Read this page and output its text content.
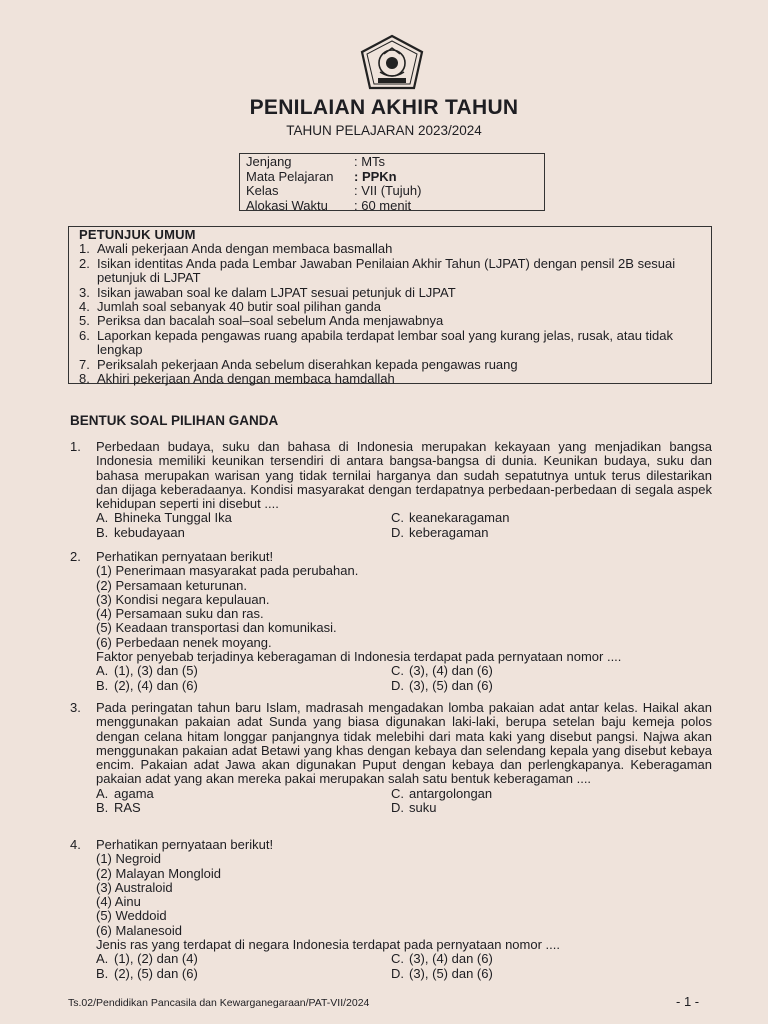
PENILAIAN AKHIR TAHUN
TAHUN PELAJARAN 2023/2024
Jenjang	: MTs
Mata Pelajaran	: PPKn
Kelas	: VII (Tujuh)
Alokasi Waktu	: 60 menit
PETUNJUK UMUM
1. Awali pekerjaan Anda dengan membaca basmallah
2. Isikan identitas Anda pada Lembar Jawaban Penilaian Akhir Tahun (LJPAT) dengan pensil 2B sesuai petunjuk di LJPAT
3. Isikan jawaban soal ke dalam LJPAT sesuai petunjuk di LJPAT
4. Jumlah soal sebanyak 40 butir soal pilihan ganda
5. Periksa dan bacalah soal–soal sebelum Anda menjawabnya
6. Laporkan kepada pengawas ruang apabila terdapat lembar soal yang kurang jelas, rusak, atau tidak lengkap
7. Periksalah pekerjaan Anda sebelum diserahkan kepada pengawas ruang
8. Akhiri pekerjaan Anda dengan membaca hamdallah
BENTUK SOAL PILIHAN GANDA
1. Perbedaan budaya, suku dan bahasa di Indonesia merupakan kekayaan yang menjadikan bangsa Indonesia memiliki keunikan tersendiri di antara bangsa-bangsa di dunia. Keunikan budaya, suku dan bahasa merupakan warisan yang tidak ternilai harganya dan sudah sepatutnya untuk terus dilestarikan dan dijaga keberadaanya. Kondisi masyarakat dengan terdapatnya perbedaan-perbedaan di segala aspek kehidupan seperti ini disebut ....
A. Bhineka Tunggal Ika	C. keanekaragaman
B. kebudayaan	D. keberagaman
2. Perhatikan pernyataan berikut!
(1) Penerimaan masyarakat pada perubahan.
(2) Persamaan keturunan.
(3) Kondisi negara kepulauan.
(4) Persamaan suku dan ras.
(5) Keadaan transportasi dan komunikasi.
(6) Perbedaan nenek moyang.
Faktor penyebab terjadinya keberagaman di Indonesia terdapat pada pernyataan nomor ....
A. (1), (3) dan (5)	C. (3), (4) dan (6)
B. (2), (4) dan (6)	D. (3), (5) dan (6)
3. Pada peringatan tahun baru Islam, madrasah mengadakan lomba pakaian adat antar kelas. Haikal akan menggunakan pakaian adat Sunda yang biasa digunakan laki-laki, berupa setelan baju kemeja polos dengan celana hitam longgar panjangnya tidak melebihi dari mata kaki yang disebut pangsi. Najwa akan menggunakan pakaian adat Betawi yang khas dengan kebaya dan selendang kepala yang disebut kebaya encim. Pakaian adat Jawa akan digunakan Puput dengan kebaya dan perlengkapanya. Keberagaman pakaian adat yang akan mereka pakai merupakan salah satu bentuk keberagaman ....
A. agama	C. antargolongan
B. RAS	D. suku
4. Perhatikan pernyataan berikut!
(1) Negroid
(2) Malayan Mongloid
(3) Australoid
(4) Ainu
(5) Weddoid
(6) Malanesoid
Jenis ras yang terdapat di negara Indonesia terdapat pada pernyataan nomor ....
A. (1), (2) dan (4)	C. (3), (4) dan (6)
B. (2), (5) dan (6)	D. (3), (5) dan (6)
Ts.02/Pendidikan Pancasila dan Kewarganegaraan/PAT-VII/2024	- 1 -
